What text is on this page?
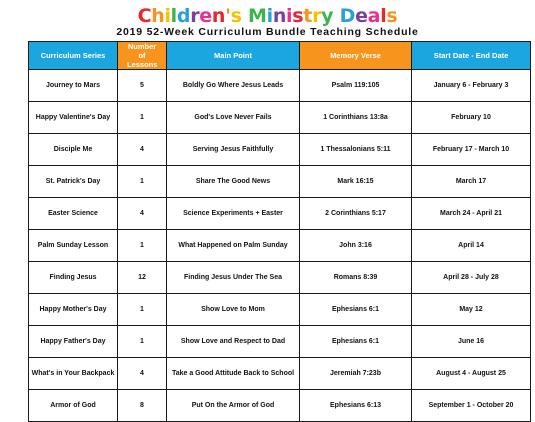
Children's Ministry Deals
2019 52-Week Curriculum Bundle Teaching Schedule
Curriculum Series	Number of Lessons	Main Point	Memory Verse	Start Date - End Date
Journey to Mars	5	Boldly Go Where Jesus Leads	Psalm 119:105	January 6 - February 3
Happy Valentine's Day	1	God's Love Never Fails	1 Corinthians 13:8a	February 10
Disciple Me	4	Serving Jesus Faithfully	1 Thessalonians 5:11	February 17 - March 10
St. Patrick's Day	1	Share The Good News	Mark 16:15	March 17
Easter Science	4	Science Experiments + Easter	2 Corinthians 5:17	March 24 - April 21
Palm Sunday Lesson	1	What Happened on Palm Sunday	John 3:16	April 14
Finding Jesus	12	Finding Jesus Under The Sea	Romans 8:39	April 28 - July 28
Happy Mother's Day	1	Show Love to Mom	Ephesians 6:1	May 12
Happy Father's Day	1	Show Love and Respect to Dad	Ephesians 6:1	June 16
What's in Your Backpack	4	Take a Good Attitude Back to School	Jeremiah 7:23b	August 4 - August 25
Armor of God	8	Put On the Armor of God	Ephesians 6:13	September 1 - October 20
